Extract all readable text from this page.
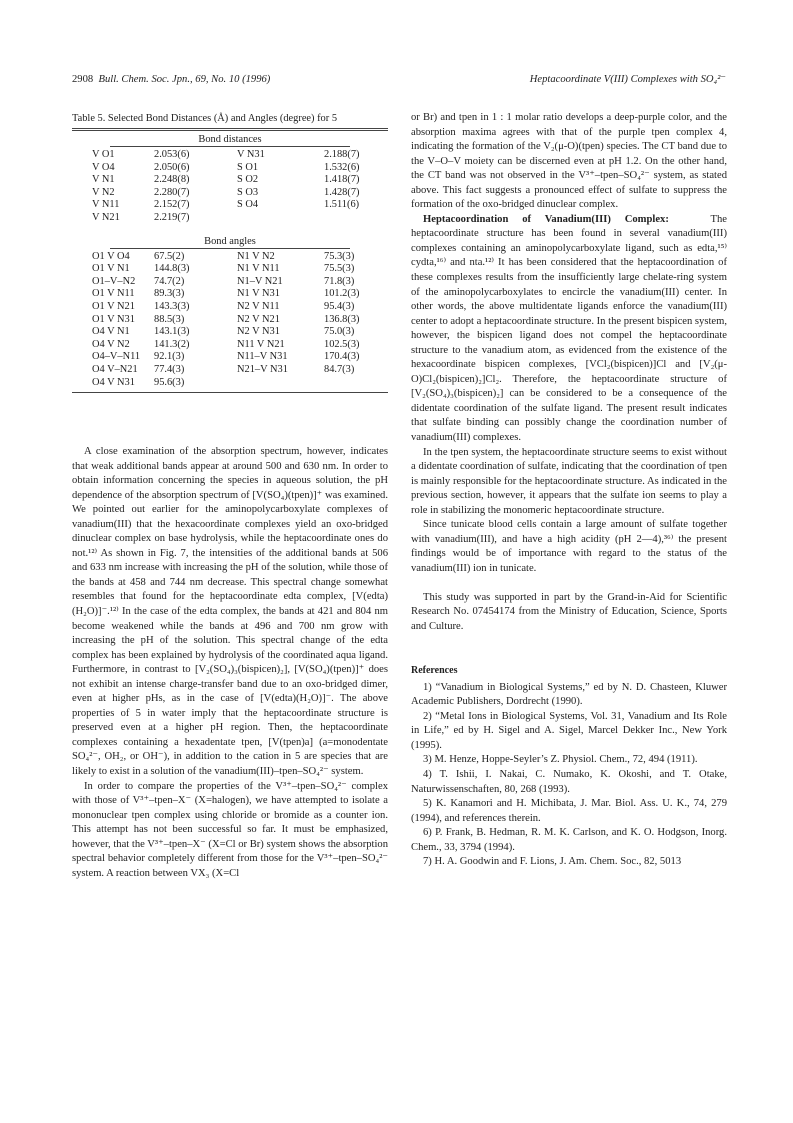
2908 Bull. Chem. Soc. Jpn., 69, No. 10 (1996)	Heptacoordinate V(III) Complexes with SO₄²⁻
Table 5. Selected Bond Distances (Å) and Angles (degree) for 5
Bond distances
V O1	2.053(6)	V N31	2.188(7)
V O4	2.050(6)	S O1	1.532(6)
V N1	2.248(8)	S O2	1.418(7)
V N2	2.280(7)	S O3	1.428(7)
V N11	2.152(7)	S O4	1.511(6)
V N21	2.219(7)
Bond angles
O1 V O4 67.5(2)	N1 V N2	75.3(3)
O1 V N1 144.8(3)	N1 V N11	75.5(3)
O1–V–N2 74.7(2)	N1–V N21	71.8(3)
O1 V N11 89.3(3)	N1 V N31	101.2(3)
O1 V N21 143.3(3)	N2 V N11	95.4(3)
O1 V N31 88.5(3)	N2 V N21	136.8(3)
O4 V N1 143.1(3)	N2 V N31	75.0(3)
O4 V N2 141.3(2)	N11 V N21	102.5(3)
O4–V–N11 92.1(3)	N11–V N31	170.4(3)
O4 V–N21 77.4(3)	N21–V N31	84.7(3)
O4 V N31 95.6(3)

A close examination of the absorption spectrum, however, indicates that weak additional bands appear at around 500 and 630 nm. In order to obtain information concerning the species in aqueous solution, the pH dependence of the absorption spectrum of [V(SO₄)(tpen)]⁺ was examined. We pointed out earlier for the aminopolycarboxylate complexes of vanadium(III) that the hexacoordinate complexes yield an oxo-bridged dinuclear complex on base hydrolysis, while the heptacoordinate ones do not.¹²⁾ As shown in Fig. 7, the intensities of the additional bands at 506 and 633 nm increase with increasing the pH of the solution, while those of the bands at 458 and 744 nm decrease. This spectral change somewhat resembles that found for the heptacoordinate edta complex, [V(edta)(H₂O)]⁻.¹²⁾ In the case of the edta complex, the bands at 421 and 804 nm become weakened while the bands at 496 and 700 nm grow with increasing the pH of the solution. This spectral change of the edta complex has been explained by hydrolysis of the coordinated aqua ligand. Furthermore, in contrast to [V₂(SO₄)₃(bispicen)₂], [V(SO₄)(tpen)]⁺ does not exhibit an intense charge-transfer band due to an oxo-bridged dimer, even at higher pHs, as in the case of [V(edta)(H₂O)]⁻. The above properties of 5 in water imply that the heptacoordinate structure is preserved even at a higher pH region. Then, the heptacoordinate complexes containing a hexadentate tpen, [V(tpen)a] (a=monodentate SO₄²⁻, OH₂, or OH⁻), in addition to the cation in 5 are species that are likely to exist in a solution of the vanadium(III)–tpen–SO₄²⁻ system.

In order to compare the properties of the V³⁺–tpen–SO₄²⁻ complex with those of V³⁺–tpen–X⁻ (X=halogen), we have attempted to isolate a mononuclear tpen complex using chloride or bromide as a counter ion. This attempt has not been successful so far. It must be emphasized, however, that the V³⁺–tpen–X⁻ (X=Cl or Br) system shows the absorption spectral behavior completely different from those for the V³⁺–tpen–SO₄²⁻ system. A reaction between VX₃ (X=Cl

or Br) and tpen in 1 : 1 molar ratio develops a deep-purple color, and the absorption maxima agrees with that of the purple tpen complex 4, indicating the formation of the V₂(μ-O)(tpen) species. The CT band due to the V–O–V moiety can be discerned even at pH 1.2. On the other hand, the CT band was not observed in the V³⁺–tpen–SO₄²⁻ system, as stated above. This fact suggests a pronounced effect of sulfate to suppress the formation of the oxo-bridged dinuclear complex.

Heptacoordination of Vanadium(III) Complex:	The heptacoordinate structure has been found in several vanadium(III) complexes containing an aminopolycarboxylate ligand, such as edta,¹⁵⁾ cydta,¹⁶⁾ and nta.¹²⁾ It has been considered that the heptacoordination of these complexes results from the insufficiently large chelate-ring system of the aminopolycarboxylates to encircle the vanadium(III) center. In other words, the above multidentate ligands enforce the vanadium(III) center to adopt a heptacoordinate structure. In the present bispicen system, however, the bispicen ligand does not compel the heptacoordinate structure to the vanadium atom, as evidenced from the existence of the hexacoordinate bispicen complexes, [VCl₂(bispicen)]Cl and [V₂(μ-O)Cl₂(bispicen)₂]Cl₂. Therefore, the heptacoordinate structure of [V₂(SO₄)₃(bispicen)₂] can be considered to be a consequence of the didentate coordination of the sulfate ligand. The present result indicates that sulfate binding can possibly change the coordination number of vanadium(III) complexes.

In the tpen system, the heptacoordinate structure seems to exist without a didentate coordination of sulfate, indicating that the coordination of tpen is mainly responsible for the heptacoordinate structure. As indicated in the previous section, however, it appears that the sulfate ion seems to play a role in stabilizing the monomeric heptacoordinate structure.

Since tunicate blood cells contain a large amount of sulfate together with vanadium(III), and have a high acidity (pH 2—4),³⁶⁾ the present findings would be of importance with regard to the status of the vanadium(III) ion in tunicate.

This study was supported in part by the Grand-in-Aid for Scientific Research No. 07454174 from the Ministry of Education, Science, Sports and Culture.

References
1) “Vanadium in Biological Systems,” ed by N. D. Chasteen, Kluwer Academic Publishers, Dordrecht (1990).
2) “Metal Ions in Biological Systems, Vol. 31, Vanadium and Its Role in Life,” ed by H. Sigel and A. Sigel, Marcel Dekker Inc., New York (1995).
3) M. Henze, Hoppe-Seyler’s Z. Physiol. Chem., 72, 494 (1911).
4) T. Ishii, I. Nakai, C. Numako, K. Okoshi, and T. Otake, Naturwissenschaften, 80, 268 (1993).
5) K. Kanamori and H. Michibata, J. Mar. Biol. Ass. U. K., 74, 279 (1994), and references therein.
6) P. Frank, B. Hedman, R. M. K. Carlson, and K. O. Hodgson, Inorg. Chem., 33, 3794 (1994).
7) H. A. Goodwin and F. Lions, J. Am. Chem. Soc., 82, 5013
